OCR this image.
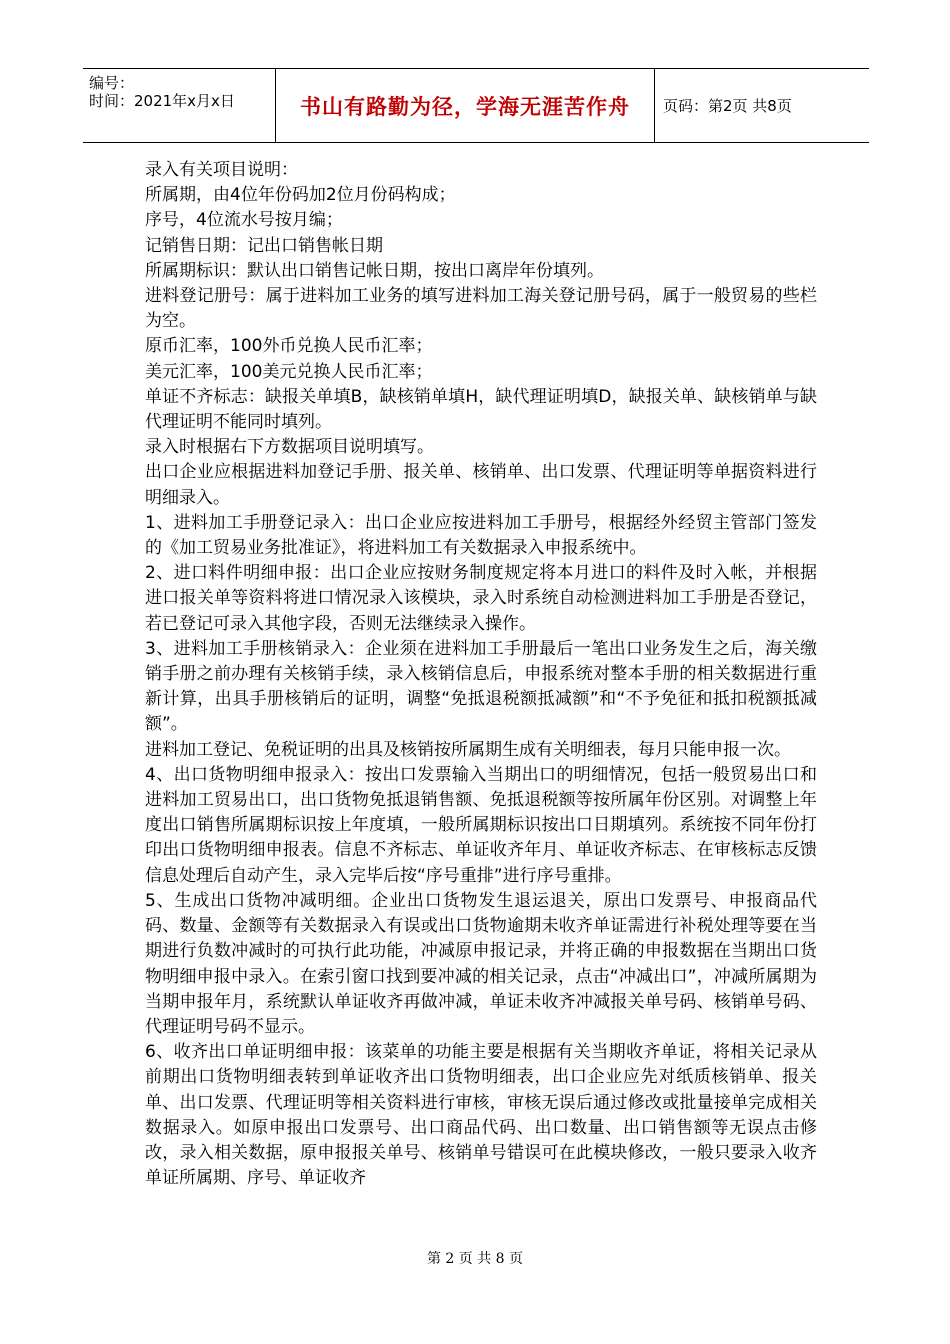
编号：
时间：2021年x月x日	书山有路勤为径，学海无涯苦作舟	页码：第2页 共8页

录入有关项目说明：

所属期，由4位年份码加2位月份码构成；

序号，4位流水号按月编；

记销售日期：记出口销售帐日期

所属期标识：默认出口销售记帐日期，按出口离岸年份填列。

进料登记册号：属于进料加工业务的填写进料加工海关登记册号码，属于一般贸易的些栏为空。

原币汇率，100外币兑换人民币汇率；

美元汇率，100美元兑换人民币汇率；

单证不齐标志：缺报关单填B，缺核销单填H，缺代理证明填D，缺报关单、缺核销单与缺代理证明不能同时填列。

录入时根据右下方数据项目说明填写。

出口企业应根据进料加登记手册、报关单、核销单、出口发票、代理证明等单据资料进行明细录入。

1、进料加工手册登记录入：出口企业应按进料加工手册号，根据经外经贸主管部门签发的《加工贸易业务批准证》，将进料加工有关数据录入申报系统中。

2、进口料件明细申报：出口企业应按财务制度规定将本月进口的料件及时入帐，并根据进口报关单等资料将进口情况录入该模块，录入时系统自动检测进料加工手册是否登记，若已登记可录入其他字段，否则无法继续录入操作。

3、进料加工手册核销录入：企业须在进料加工手册最后一笔出口业务发生之后，海关缴销手册之前办理有关核销手续，录入核销信息后，申报系统对整本手册的相关数据进行重新计算，出具手册核销后的证明，调整“免抵退税额抵减额”和“不予免征和抵扣税额抵减额”。

进料加工登记、免税证明的出具及核销按所属期生成有关明细表，每月只能申报一次。

4、出口货物明细申报录入：按出口发票输入当期出口的明细情况，包括一般贸易出口和进料加工贸易出口，出口货物免抵退销售额、免抵退税额等按所属年份区别。对调整上年度出口销售所属期标识按上年度填，一般所属期标识按出口日期填列。系统按不同年份打印出口货物明细申报表。信息不齐标志、单证收齐年月、单证收齐标志、在审核标志反馈信息处理后自动产生，录入完毕后按“序号重排”进行序号重排。

5、生成出口货物冲减明细。企业出口货物发生退运退关，原出口发票号、申报商品代码、数量、金额等有关数据录入有误或出口货物逾期未收齐单证需进行补税处理等要在当期进行负数冲减时的可执行此功能，冲减原申报记录，并将正确的申报数据在当期出口货物明细申报中录入。在索引窗口找到要冲减的相关记录，点击“冲减出口”，冲减所属期为当期申报年月，系统默认单证收齐再做冲减，单证未收齐冲减报关单号码、核销单号码、代理证明号码不显示。

6、收齐出口单证明细申报：该菜单的功能主要是根据有关当期收齐单证，将相关记录从前期出口货物明细表转到单证收齐出口货物明细表，出口企业应先对纸质核销单、报关单、出口发票、代理证明等相关资料进行审核，审核无误后通过修改或批量接单完成相关数据录入。如原申报出口发票号、出口商品代码、出口数量、出口销售额等无误点击修改，录入相关数据，原申报报关单号、核销单号错误可在此模块修改，一般只要录入收齐单证所属期、序号、单证收齐

第 2 页 共 8 页
